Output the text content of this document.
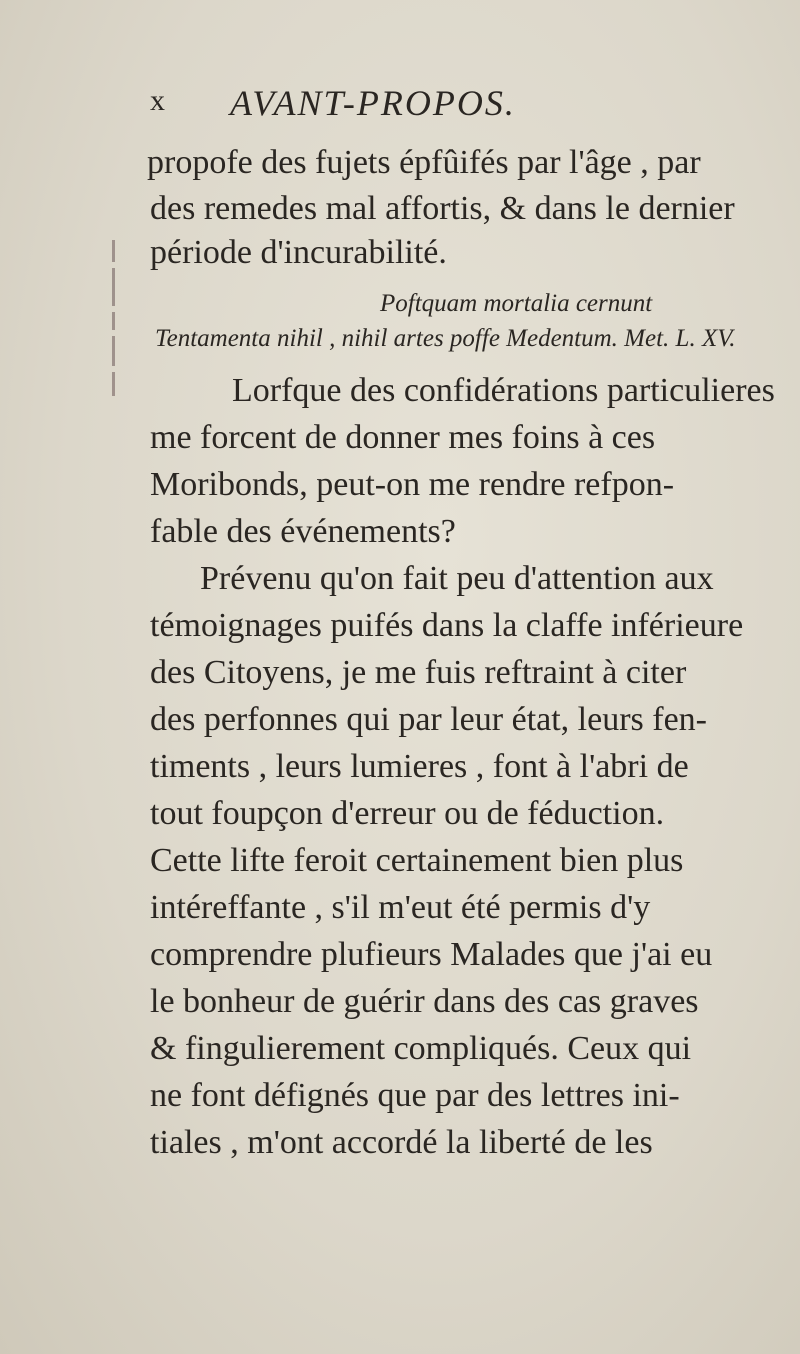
x AVANT-PROPOS.
propofe des fujets épfûifés par l'âge , par
des remedes mal affortis, & dans le dernier
période d'incurabilité.
Poftquam mortalia cernunt
Tentamenta nihil , nihil artes poffe Medentum. Met. L. XV.
Lorfque des confidérations particulieres
me forcent de donner mes foins à ces
Moribonds, peut-on me rendre refpon-
fable des événements?
Prévenu qu'on fait peu d'attention aux
témoignages puifés dans la claffe inférieure
des Citoyens, je me fuis reftraint à citer
des perfonnes qui par leur état, leurs fen-
timents , leurs lumieres , font à l'abri de
tout foupçon d'erreur ou de féduction.
Cette lifte feroit certainement bien plus
intéreffante , s'il m'eut été permis d'y
comprendre plufieurs Malades que j'ai eu
le bonheur de guérir dans des cas graves
& fingulierement compliqués. Ceux qui
ne font défignés que par des lettres ini-
tiales , m'ont accordé la liberté de les
